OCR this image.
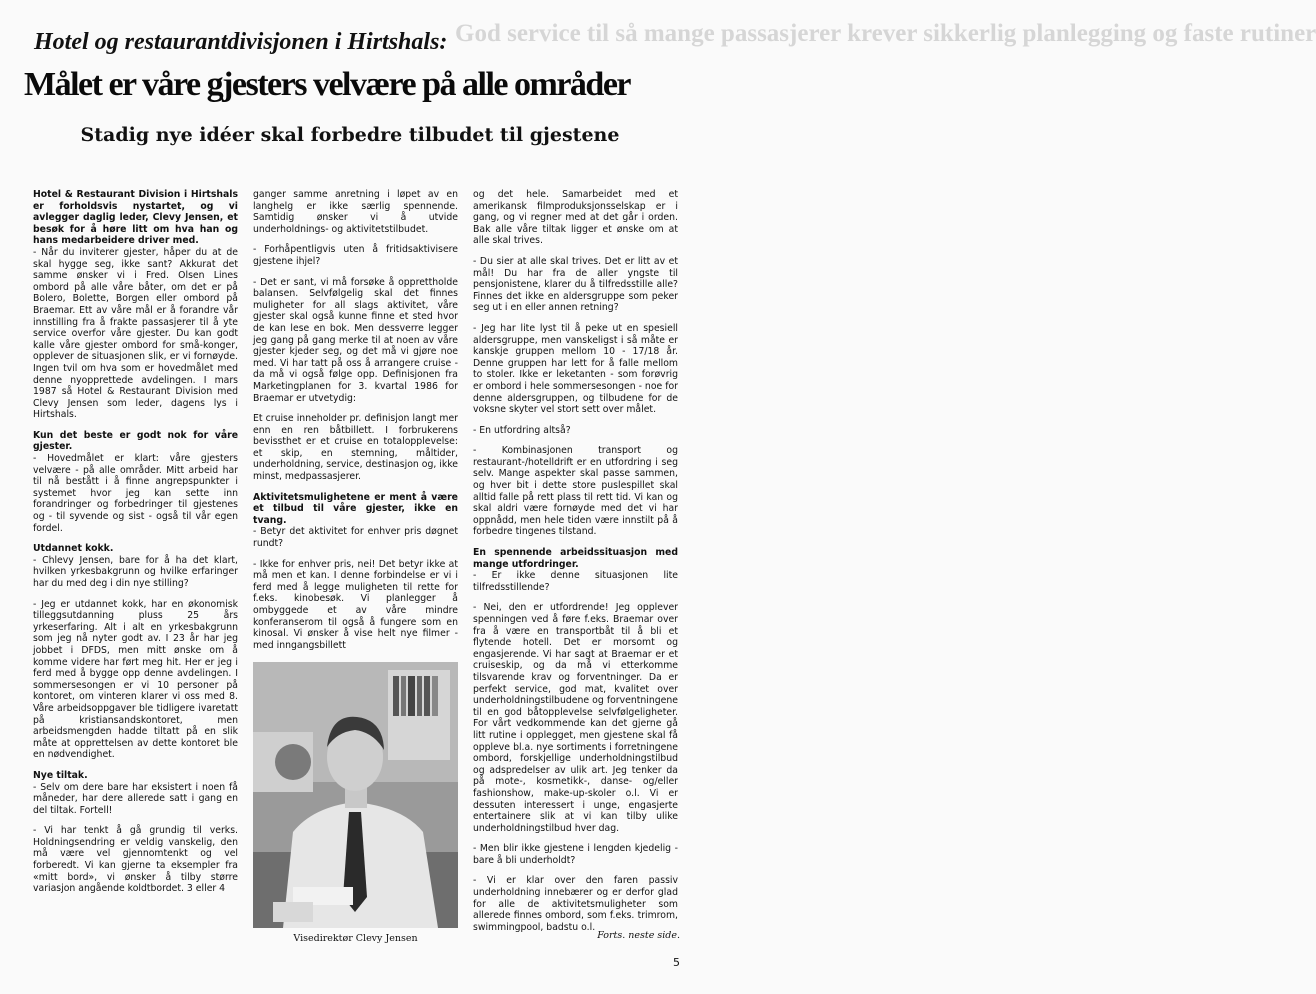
God service til så mange passasjerer krever sikkerlig planlegging og faste rutiner
Hotel og restaurantdivisjonen i Hirtshals:
Målet er våre gjesters velvære på alle områder
Stadig nye idéer skal forbedre tilbudet til gjestene

Hotel & Restaurant Division i Hirtshals er forholdsvis nystartet, og vi avlegger daglig leder, Clevy Jensen, et besøk for å høre litt om hva han og hans medarbeidere driver med.

- Når du inviterer gjester, håper du at de skal hygge seg, ikke sant? Akkurat det samme ønsker vi i Fred. Olsen Lines ombord på alle våre båter, om det er på Bolero, Bolette, Borgen eller ombord på Braemar. Ett av våre mål er å forandre vår innstilling fra å frakte passasjerer til å yte service overfor våre gjester. Du kan godt kalle våre gjester ombord for små-konger, opplever de situasjonen slik, er vi fornøyde. Ingen tvil om hva som er hovedmålet med denne nyopprettede avdelingen. I mars 1987 så Hotel & Restaurant Division med Clevy Jensen som leder, dagens lys i Hirtshals.

Kun det beste er godt nok for våre gjester.

- Hovedmålet er klart: våre gjesters velvære - på alle områder. Mitt arbeid har til nå bestått i å finne angrepspunkter i systemet hvor jeg kan sette inn forandringer og forbedringer til gjestenes og - til syvende og sist - også til vår egen fordel.

Utdannet kokk.

- Chlevy Jensen, bare for å ha det klart, hvilken yrkesbakgrunn og hvilke erfaringer har du med deg i din nye stilling?

- Jeg er utdannet kokk, har en økonomisk tilleggsutdanning pluss 25 års yrkeserfaring. Alt i alt en yrkesbakgrunn som jeg nå nyter godt av. I 23 år har jeg jobbet i DFDS, men mitt ønske om å komme videre har ført meg hit. Her er jeg i ferd med å bygge opp denne avdelingen. I sommersesongen er vi 10 personer på kontoret, om vinteren klarer vi oss med 8. Våre arbeidsoppgaver ble tidligere ivaretatt på kristiansandskontoret, men arbeidsmengden hadde tiltatt på en slik måte at opprettelsen av dette kontoret ble en nødvendighet.

Nye tiltak.

- Selv om dere bare har eksistert i noen få måneder, har dere allerede satt i gang en del tiltak. Fortell!

- Vi har tenkt å gå grundig til verks. Holdningsendring er veldig vanskelig, den må være vel gjennomtenkt og vel forberedt. Vi kan gjerne ta eksempler fra «mitt bord», vi ønsker å tilby større variasjon angående koldtbordet. 3 eller 4

ganger samme anretning i løpet av en langhelg er ikke særlig spennende. Samtidig ønsker vi å utvide underholdnings- og aktivitetstilbudet.

- Forhåpentligvis uten å fritidsaktivisere gjestene ihjel?

- Det er sant, vi må forsøke å opprettholde balansen. Selvfølgelig skal det finnes muligheter for all slags aktivitet, våre gjester skal også kunne finne et sted hvor de kan lese en bok. Men dessverre legger jeg gang på gang merke til at noen av våre gjester kjeder seg, og det må vi gjøre noe med. Vi har tatt på oss å arrangere cruise - da må vi også følge opp. Definisjonen fra Marketingplanen for 3. kvartal 1986 for Braemar er utvetydig:

Et cruise inneholder pr. definisjon langt mer enn en ren båtbillett. I forbrukerens bevissthet er et cruise en totalopplevelse: et skip, en stemning, måltider, underholdning, service, destinasjon og, ikke minst, medpassasjerer.

Aktivitetsmulighetene er ment å være et tilbud til våre gjester, ikke en tvang.

- Betyr det aktivitet for enhver pris døgnet rundt?

- Ikke for enhver pris, nei! Det betyr ikke at må men et kan. I denne forbindelse er vi i ferd med å legge muligheten til rette for f.eks. kinobesøk. Vi planlegger å ombyggede et av våre mindre konferanserom til også å fungere som en kinosal. Vi ønsker å vise helt nye filmer - med inngangsbillett

og det hele. Samarbeidet med et amerikansk filmproduksjonsselskap er i gang, og vi regner med at det går i orden. Bak alle våre tiltak ligger et ønske om at alle skal trives.

- Du sier at alle skal trives. Det er litt av et mål! Du har fra de aller yngste til pensjonistene, klarer du å tilfredsstille alle? Finnes det ikke en aldersgruppe som peker seg ut i en eller annen retning?

- Jeg har lite lyst til å peke ut en spesiell aldersgruppe, men vanskeligst i så måte er kanskje gruppen mellom 10 - 17/18 år. Denne gruppen har lett for å falle mellom to stoler. Ikke er leketanten - som forøvrig er ombord i hele sommersesongen - noe for denne aldersgruppen, og tilbudene for de voksne skyter vel stort sett over målet.

- En utfordring altså?

- Kombinasjonen transport og restaurant-/hotelldrift er en utfordring i seg selv. Mange aspekter skal passe sammen, og hver bit i dette store puslespillet skal alltid falle på rett plass til rett tid. Vi kan og skal aldri være fornøyde med det vi har oppnådd, men hele tiden være innstilt på å forbedre tingenes tilstand.

En spennende arbeidssituasjon med mange utfordringer.

- Er ikke denne situasjonen lite tilfredsstillende?

- Nei, den er utfordrende! Jeg opplever spenningen ved å føre f.eks. Braemar over fra å være en transportbåt til å bli et flytende hotell. Det er morsomt og engasjerende. Vi har sagt at Braemar er et cruiseskip, og da må vi etterkomme tilsvarende krav og forventninger. Da er perfekt service, god mat, kvalitet over underholdningstilbudene og forventningene til en god båtopplevelse selvfølgeligheter. For vårt vedkommende kan det gjerne gå litt rutine i opplegget, men gjestene skal få oppleve bl.a. nye sortiments i forretningene ombord, forskjellige underholdningstilbud og adspredelser av ulik art. Jeg tenker da på mote-, kosmetikk-, danse- og/eller fashionshow, make-up-skoler o.l. Vi er dessuten interessert i unge, engasjerte entertainere slik at vi kan tilby ulike underholdningstilbud hver dag.

- Men blir ikke gjestene i lengden kjedelig - bare å bli underholdt?

- Vi er klar over den faren passiv underholdning innebærer og er derfor glad for alle de aktivitetsmuligheter som allerede finnes ombord, som f.eks. trimrom, swimmingpool, badstu o.l.

Visedirektør Clevy Jensen	Forts. neste side.
5
